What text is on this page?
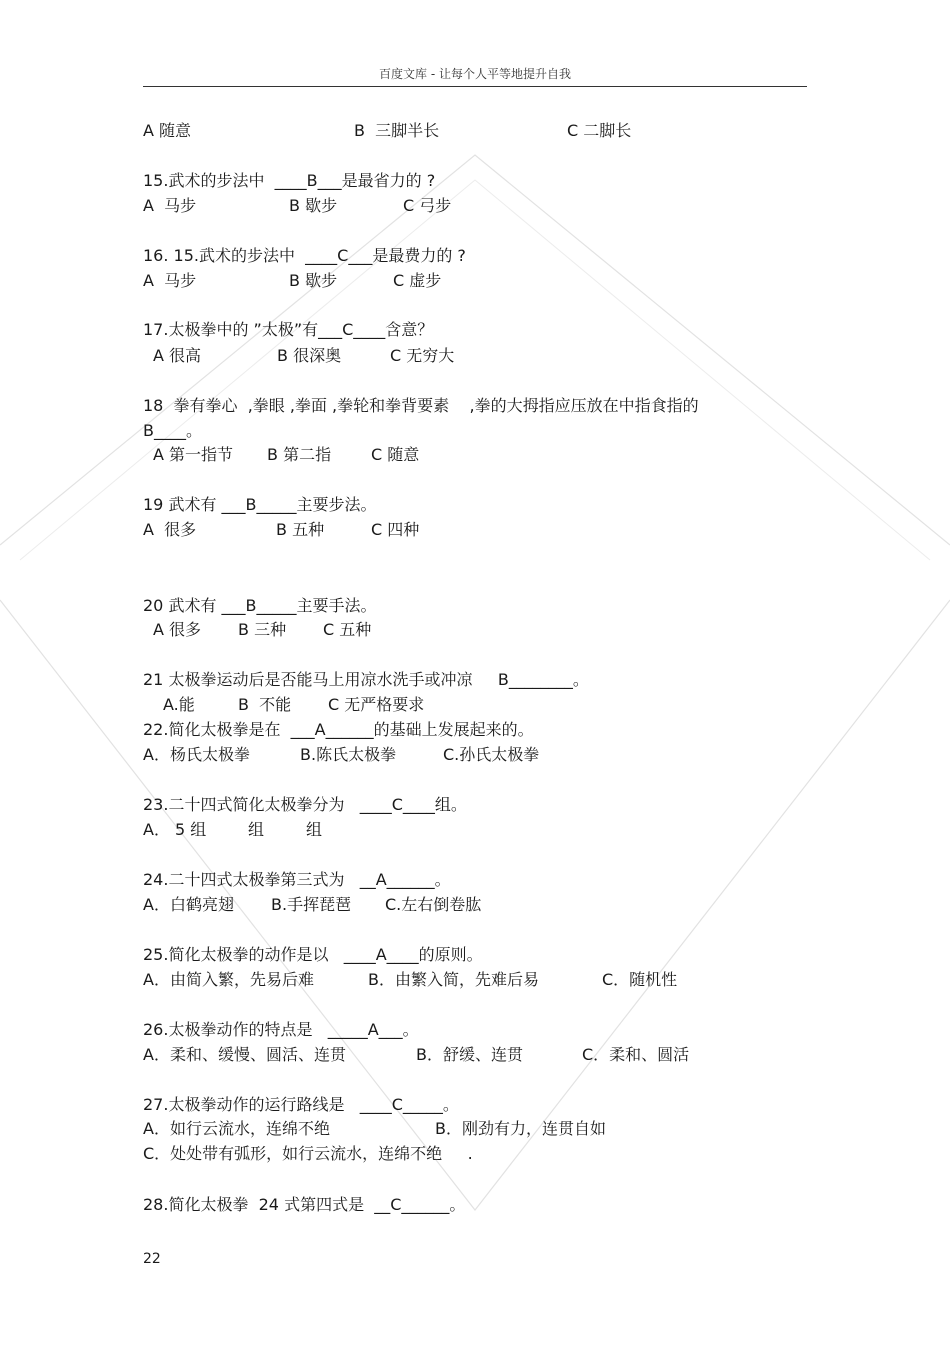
百度文库 - 让每个人平等地提升自我
A 随意	B  三脚半长	C 二脚长
15.武术的步法中  ____B___是最省力的 ?
A  马步	B 歇步	C 弓步
16. 15.武术的步法中  ____C___是最费力的 ?
A  马步	B 歇步	C 虚步
17.太极拳中的 ”太极”有___C____含意？
A 很高	B 很深奥	C 无穷大
18  拳有拳心  ,拳眼 ,拳面 ,拳轮和拳背要素    ,拳的大拇指应压放在中指食指的
B____。
A 第一指节 B 第二指 C 随意
19 武术有 ___B_____主要步法。
A  很多	B 五种	C 四种
20 武术有 ___B_____主要手法。
A 很多 B 三种 C 五种
21 太极拳运动后是否能马上用凉水洗手或冲凉     B________。
A.能	B  不能 C 无严格要求
22.简化太极拳是在  ___A______的基础上发展起来的。
A．杨氏太极拳	B.陈氏太极拳	C.孙氏太极拳
23.二十四式简化太极拳分为   ____C____组。
A． 5 组	组	组
24.二十四式太极拳第三式为   __A______。
A．白鹤亮翅 B.手挥琵琶 C.左右倒卷肱
25.简化太极拳的动作是以   ____A____的原则。
A．由简入繁，先易后难	B．由繁入简，先难后易	C．随机性
26.太极拳动作的特点是   _____A___。
A．柔和、缓慢、圆活、连贯	B．舒缓、连贯	C．柔和、圆活
27.太极拳动作的运行路线是   ____C_____。
A．如行云流水，连绵不绝	B．刚劲有力，连贯自如
C．处处带有弧形，如行云流水，连绵不绝     .
28.简化太极拳  24 式第四式是  __C______。
22
